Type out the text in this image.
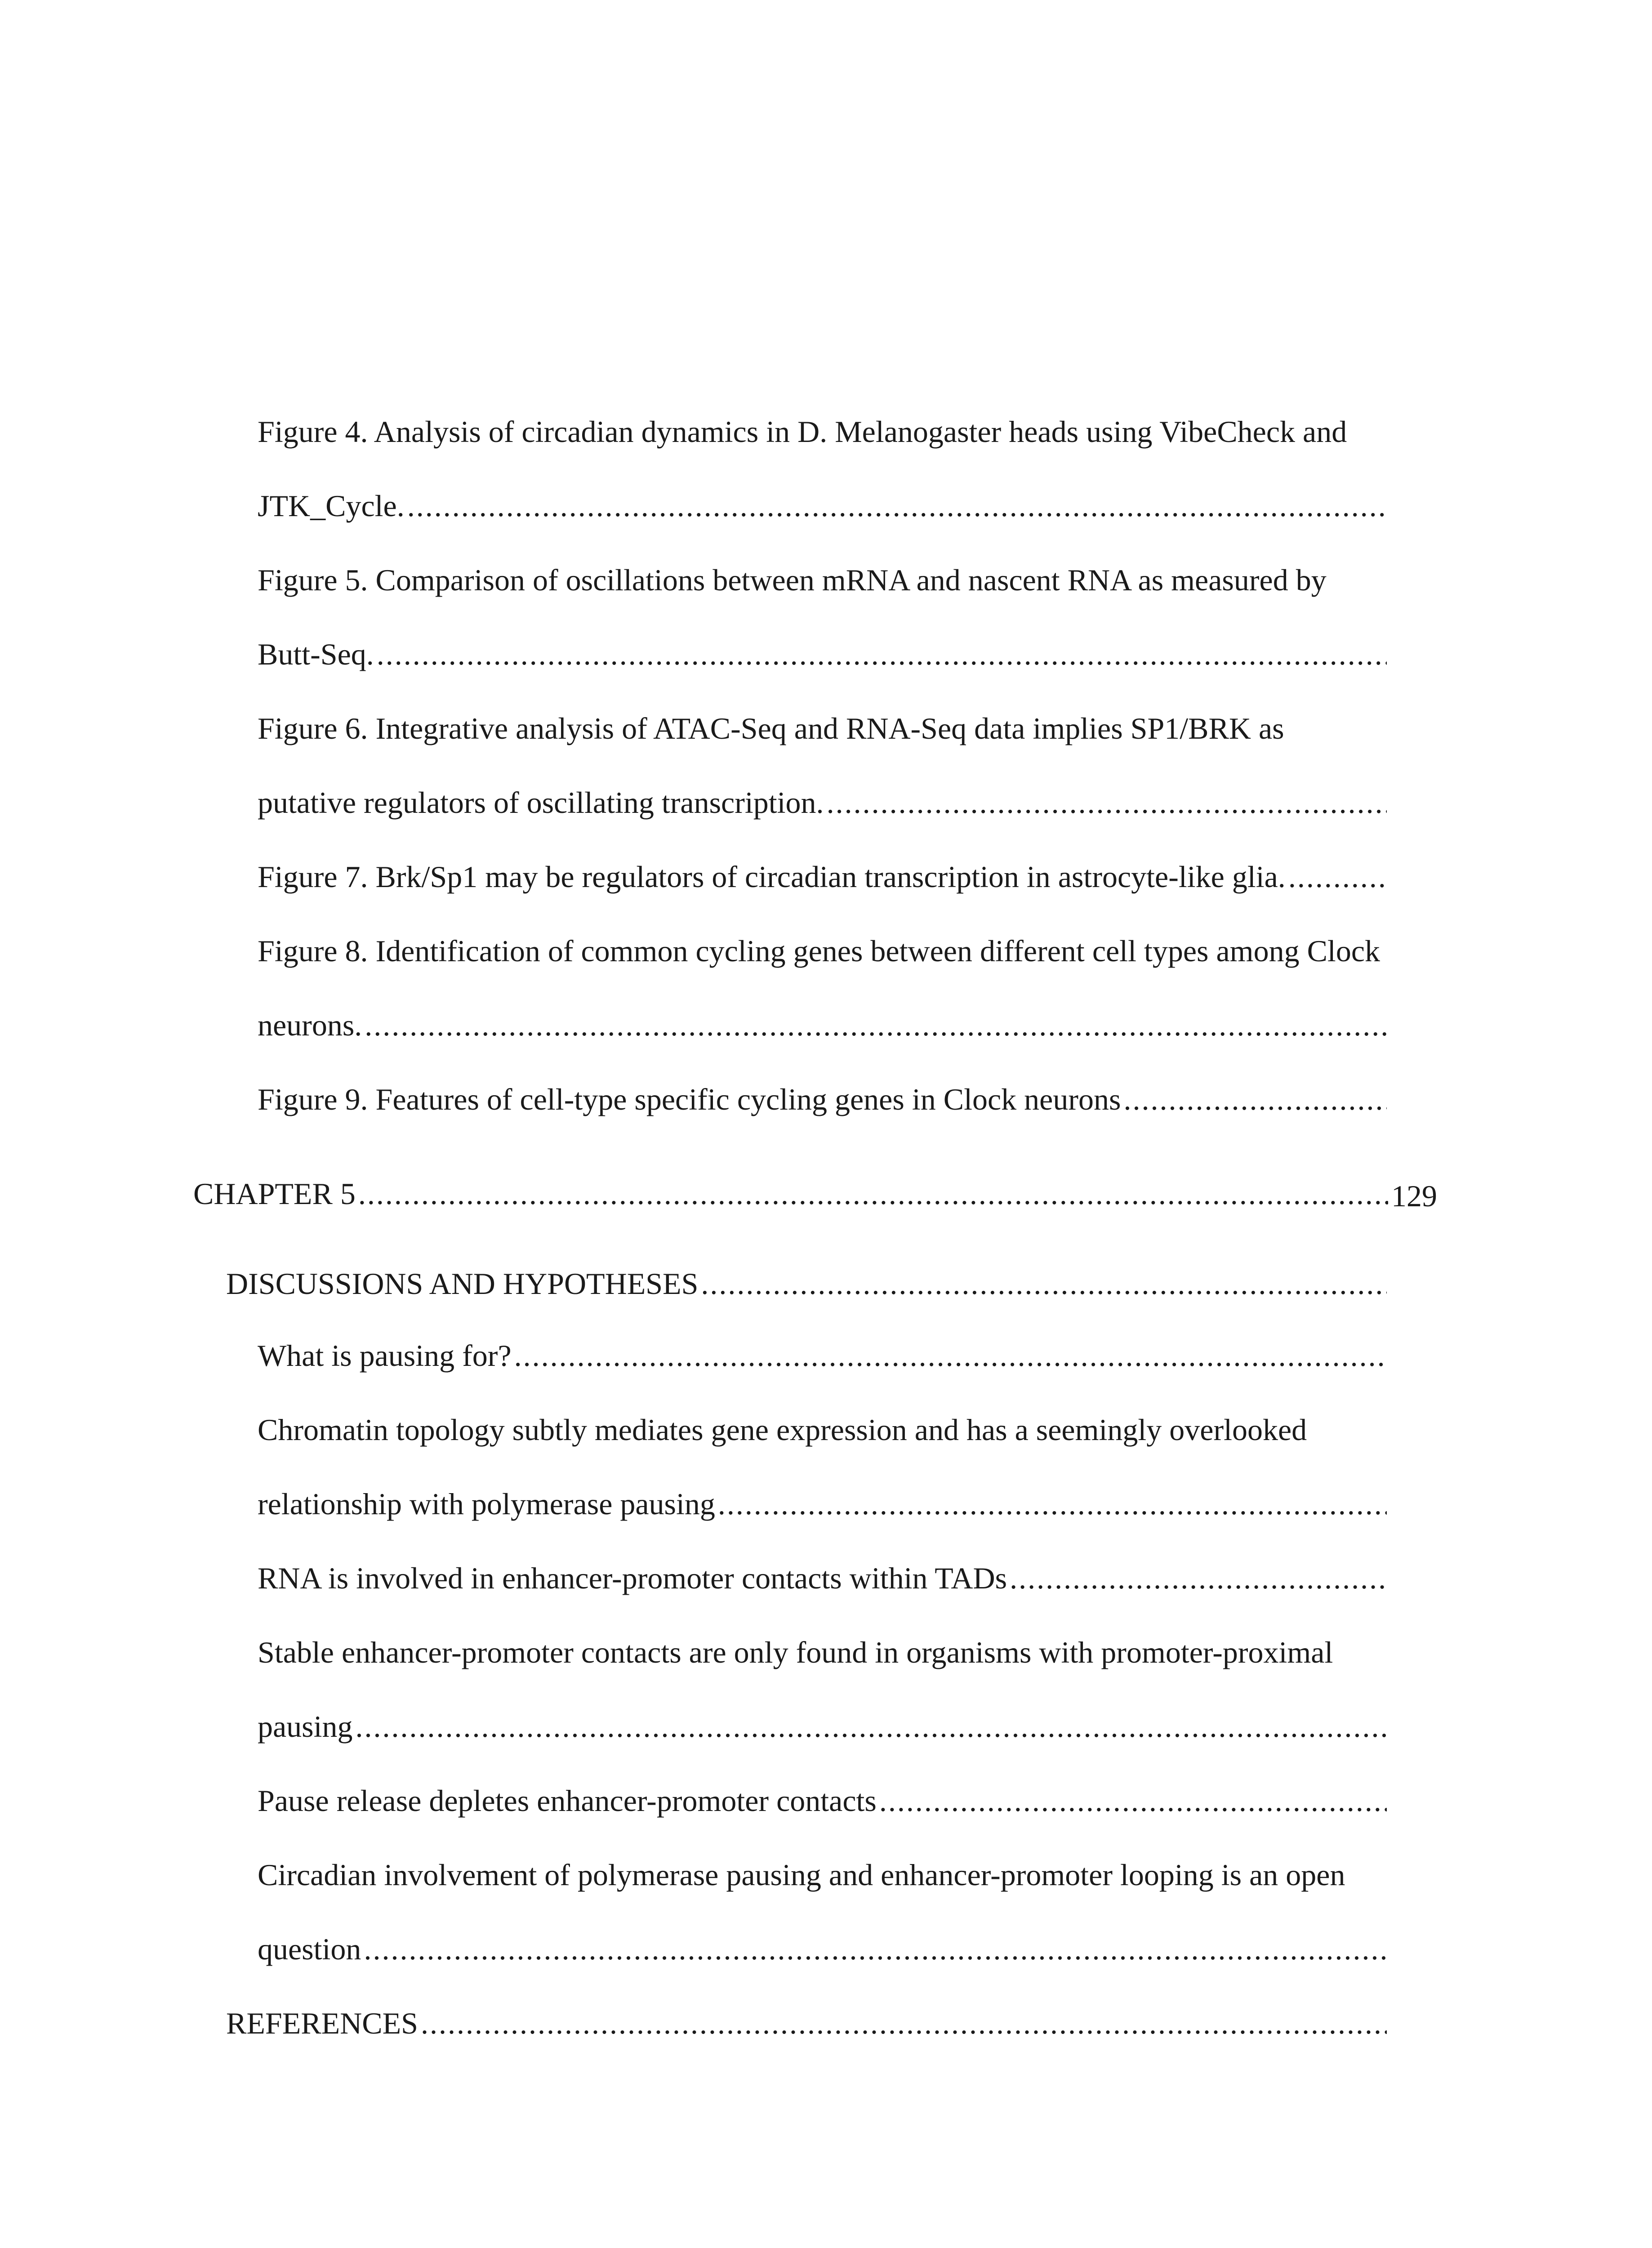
Figure 4. Analysis of circadian dynamics in D. Melanogaster heads using VibeCheck and
JTK_Cycle.
.....
Figure 5. Comparison of oscillations between mRNA and nascent RNA as measured by
Butt-Seq.
.....
Figure 6. Integrative analysis of ATAC-Seq and RNA-Seq data implies SP1/BRK as
putative regulators of oscillating transcription.
.....
Figure 7. Brk/Sp1 may be regulators of circadian transcription in astrocyte-like glia.
.....
Figure 8. Identification of common cycling genes between different cell types among Clock
neurons.
.....
Figure 9. Features of cell-type specific cycling genes in Clock neurons
.....
CHAPTER 5
.....	129
DISCUSSIONS AND HYPOTHESES
.....
What is pausing for?
.....
Chromatin topology subtly mediates gene expression and has a seemingly overlooked
relationship with polymerase pausing
.....
RNA is involved in enhancer-promoter contacts within TADs
.....
Stable enhancer-promoter contacts are only found in organisms with promoter-proximal
pausing
.....
Pause release depletes enhancer-promoter contacts
.....
Circadian involvement of polymerase pausing and enhancer-promoter looping is an open
question
.....
REFERENCES
.....
